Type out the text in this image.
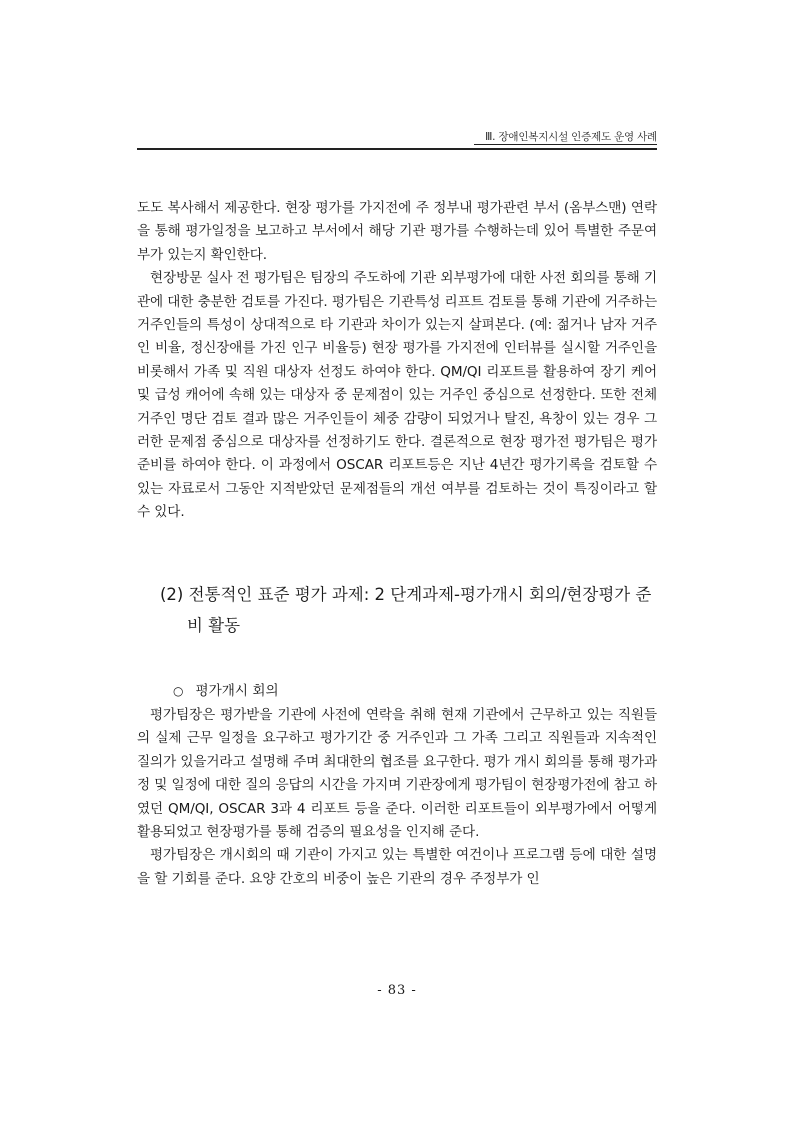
Ⅲ. 장애인복지시설 인증제도 운영 사례

도도 복사해서 제공한다. 현장 평가를 가지전에 주 정부내 평가관련 부서 (옴부스맨) 연락을 통해 평가일정을 보고하고 부서에서 해당 기관 평가를 수행하는데 있어 특별한 주문여부가 있는지 확인한다.

현장방문 실사 전 평가팀은 팀장의 주도하에 기관 외부평가에 대한 사전 회의를 통해 기관에 대한 충분한 검토를 가진다. 평가팀은 기관특성 리프트 검토를 통해 기관에 거주하는 거주인들의 특성이 상대적으로 타 기관과 차이가 있는지 살펴본다. (예: 젊거나 남자 거주인 비율, 정신장애를 가진 인구 비율등) 현장 평가를 가지전에 인터뷰를 실시할 거주인을 비롯해서 가족 및 직원 대상자 선정도 하여야 한다. QM/QI 리포트를 활용하여 장기 케어 및 급성 캐어에 속해 있는 대상자 중 문제점이 있는 거주인 중심으로 선정한다. 또한 전체 거주인 명단 검토 결과 많은 거주인들이 체중 감량이 되었거나 탈진, 욕창이 있는 경우 그러한 문제점 중심으로 대상자를 선정하기도 한다. 결론적으로 현장 평가전 평가팀은 평가준비를 하여야 한다. 이 과정에서 OSCAR 리포트등은 지난 4년간 평가기록을 검토할 수 있는 자료로서 그동안 지적받았던 문제점들의 개선 여부를 검토하는 것이 특징이라고 할 수 있다.

(2) 전통적인 표준 평가 과제: 2 단계과제-평가개시 회의/현장평가 준
비 활동
○ 평가개시 회의

평가팀장은 평가받을 기관에 사전에 연락을 취해 현재 기관에서 근무하고 있는 직원들의 실제 근무 일정을 요구하고 평가기간 중 거주인과 그 가족 그리고 직원들과 지속적인 질의가 있을거라고 설명해 주며 최대한의 협조를 요구한다. 평가 개시 회의를 통해 평가과정 및 일정에 대한 질의 응답의 시간을 가지며 기관장에게 평가팀이 현장평가전에 참고 하였던 QM/QI, OSCAR 3과 4 리포트 등을 준다. 이러한 리포트들이 외부평가에서 어떻게 활용되었고 현장평가를 통해 검증의 필요성을 인지해 준다.

평가팀장은 개시회의 때 기관이 가지고 있는 특별한 여건이나 프로그램 등에 대한 설명을 할 기회를 준다. 요양 간호의 비중이 높은 기관의 경우 주정부가 인

- 83 -
